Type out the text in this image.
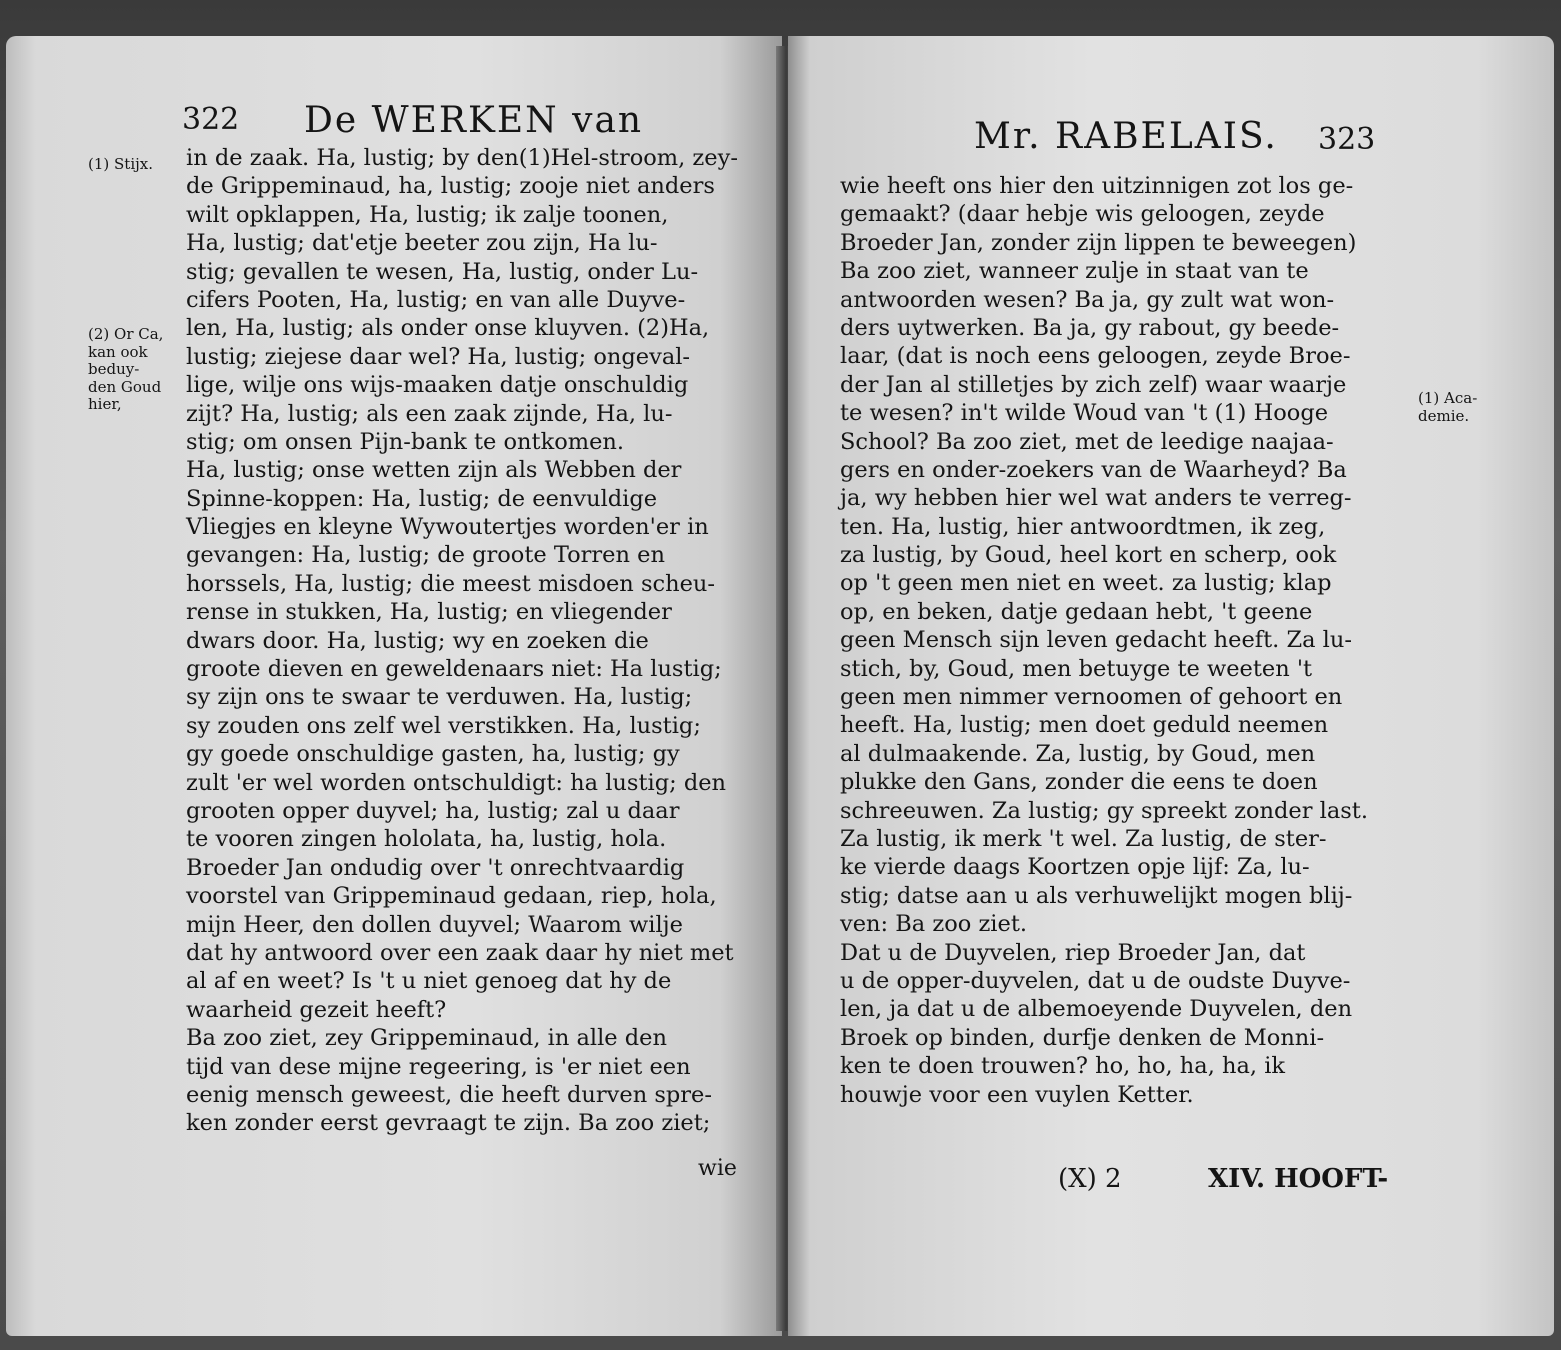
322 De WERKEN van
(1) Stijx.
(2) Or Ca,
kan ook
beduy-
den Goud
hier,
in de zaak. Ha, lustig; by den(1)Hel-stroom, zey-
de Grippeminaud, ha, lustig; zooje niet anders
wilt opklappen, Ha, lustig; ik zalje toonen,
Ha, lustig; dat'etje beeter zou zijn, Ha lu-
stig; gevallen te wesen, Ha, lustig, onder Lu-
cifers Pooten, Ha, lustig; en van alle Duyve-
len, Ha, lustig; als onder onse kluyven. (2)Ha,
lustig; ziejese daar wel? Ha, lustig; ongeval-
lige, wilje ons wijs-maaken datje onschuldig
zijt? Ha, lustig; als een zaak zijnde, Ha, lu-
stig; om onsen Pijn-bank te ontkomen.
Ha, lustig; onse wetten zijn als Webben der
Spinne-koppen: Ha, lustig; de eenvuldige
Vliegjes en kleyne Wywoutertjes worden'er in
gevangen: Ha, lustig; de groote Torren en
horssels, Ha, lustig; die meest misdoen scheu-
rense in stukken, Ha, lustig; en vliegender
dwars door. Ha, lustig; wy en zoeken die
groote dieven en geweldenaars niet: Ha lustig;
sy zijn ons te swaar te verduwen. Ha, lustig;
sy zouden ons zelf wel verstikken. Ha, lustig;
gy goede onschuldige gasten, ha, lustig; gy
zult 'er wel worden ontschuldigt: ha lustig; den
grooten opper duyvel; ha, lustig; zal u daar
te vooren zingen hololata, ha, lustig, hola.
Broeder Jan ondudig over 't onrechtvaardig
voorstel van Grippeminaud gedaan, riep, hola,
mijn Heer, den dollen duyvel; Waarom wilje
dat hy antwoord over een zaak daar hy niet met
al af en weet? Is 't u niet genoeg dat hy de
waarheid gezeit heeft?
Ba zoo ziet, zey Grippeminaud, in alle den
tijd van dese mijne regeering, is 'er niet een
eenig mensch geweest, die heeft durven spre-
ken zonder eerst gevraagt te zijn. Ba zoo ziet;
wie
Mr. RABELAIS. 323
(1) Aca-
demie.
wie heeft ons hier den uitzinnigen zot los ge-
gemaakt? (daar hebje wis geloogen, zeyde
Broeder Jan, zonder zijn lippen te beweegen)
Ba zoo ziet, wanneer zulje in staat van te
antwoorden wesen? Ba ja, gy zult wat won-
ders uytwerken. Ba ja, gy rabout, gy beede-
laar, (dat is noch eens geloogen, zeyde Broe-
der Jan al stilletjes by zich zelf) waar waarje
te wesen? in't wilde Woud van 't (1) Hooge
School? Ba zoo ziet, met de leedige naajaa-
gers en onder-zoekers van de Waarheyd? Ba
ja, wy hebben hier wel wat anders te verreg-
ten. Ha, lustig, hier antwoordtmen, ik zeg,
za lustig, by Goud, heel kort en scherp, ook
op 't geen men niet en weet. za lustig; klap
op, en beken, datje gedaan hebt, 't geene
geen Mensch sijn leven gedacht heeft. Za lu-
stich, by, Goud, men betuyge te weeten 't
geen men nimmer vernoomen of gehoort en
heeft. Ha, lustig; men doet geduld neemen
al dulmaakende. Za, lustig, by Goud, men
plukke den Gans, zonder die eens te doen
schreeuwen. Za lustig; gy spreekt zonder last.
Za lustig, ik merk 't wel. Za lustig, de ster-
ke vierde daags Koortzen opje lijf: Za, lu-
stig; datse aan u als verhuwelijkt mogen blij-
ven: Ba zoo ziet.
Dat u de Duyvelen, riep Broeder Jan, dat
u de opper-duyvelen, dat u de oudste Duyve-
len, ja dat u de albemoeyende Duyvelen, den
Broek op binden, durfje denken de Monni-
ken te doen trouwen? ho, ho, ha, ha, ik
houwje voor een vuylen Ketter.
(X) 2	XIV. HOOFT-
